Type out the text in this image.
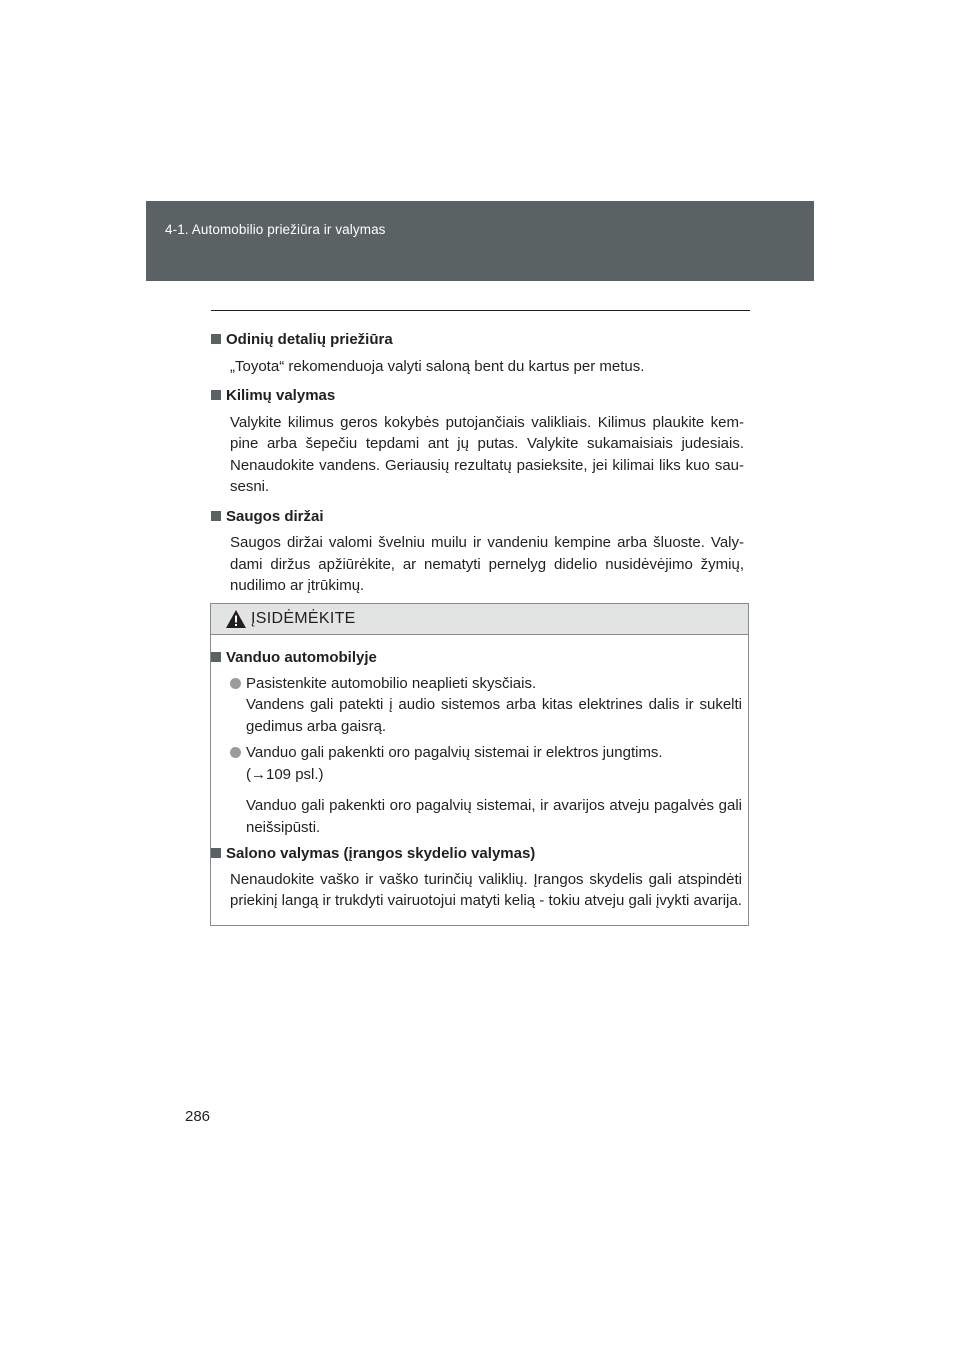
4-1. Automobilio priežiūra ir valymas
Odinių detalių priežiūra
„Toyota“ rekomenduoja valyti saloną bent du kartus per metus.
Kilimų valymas
Valykite kilimus geros kokybės putojančiais valikliais. Kilimus plaukite kempine arba šepečiu tepdami ant jų putas. Valykite sukamaisiais judesiais. Nenaudokite vandens. Geriausių rezultatų pasieksite, jei kilimai liks kuo sausesni.
Saugos diržai
Saugos diržai valomi švelniu muilu ir vandeniu kempine arba šluoste. Valydami diržus apžiūrėkite, ar nematyti pernelyg didelio nusidėvėjimo žymių, nudilimo ar įtrūkimų.
ĮSIDĖMĖKITE
Vanduo automobilyje
Pasistenkite automobilio neaplieti skysčiais.
Vandens gali patekti į audio sistemos arba kitas elektrines dalis ir sukelti gedimus arba gaisrą.
Vanduo gali pakenkti oro pagalvių sistemai ir elektros jungtims.
(→109 psl.)
Vanduo gali pakenkti oro pagalvių sistemai, ir avarijos atveju pagalvės gali neišsipūsti.
Salono valymas (įrangos skydelio valymas)
Nenaudokite vaško ir vaško turinčių valiklių. Įrangos skydelis gali atspindėti priekinį langą ir trukdyti vairuotojui matyti kelią - tokiu atveju gali įvykti avarija.
286
